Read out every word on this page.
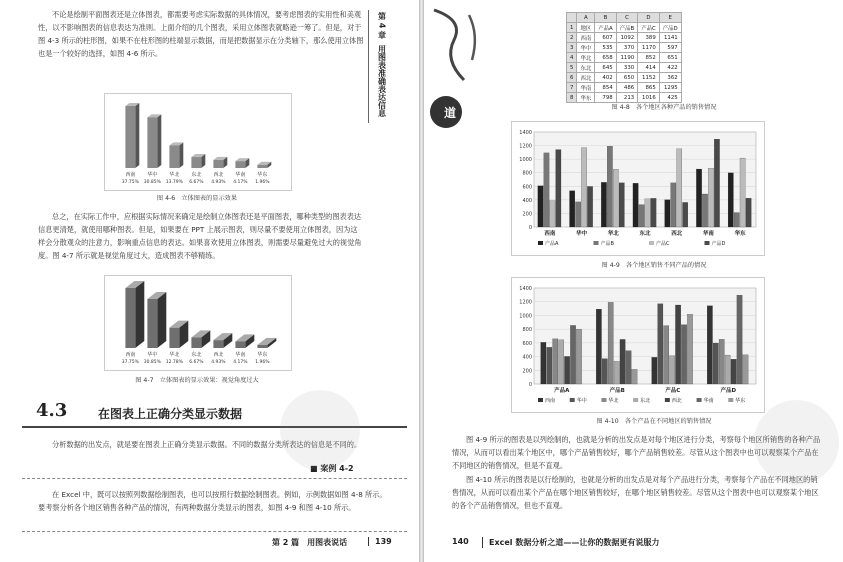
不论是绘制平面图表还是立体图表，都需要考虑实际数据的具体情况，要考虑图表的实用性和美观性，以不影响图表的信息表达为准则。上面介绍的几个图表，采用立体图表就略逊一筹了。但是，对于图 4-3 所示的柱形图，如果不在柱形图的柱端显示数据，而是把数据显示在分类轴下，那么使用立体图也是一个较好的选择，如图 4-6 所示。

西南
37.75%
华中
30.85%
华北
13.79%
东北
6.67%
西北
4.93%
华南
4.17%
华东
1.96%
图 4-6　立体图表的显示效果

总之，在实际工作中，应根据实际情况来确定是绘制立体图表还是平面图表，哪种类型的图表表达信息更清楚，就使用哪种图表。但是，如果要在 PPT 上展示图表，则尽量不要使用立体图表，因为这样会分散观众的注意力，影响重点信息的表达。如果喜欢使用立体图表，则需要尽量避免过大的视觉角度。图 4-7 所示就是视觉角度过大，造成图表不够精练。

西南
37.75%
华中
30.85%
华北
12.78%
东北
6.67%
西北
4.93%
华南
4.17%
华东
1.96%
图 4-7　立体图表的显示效果：视觉角度过大
4.3	在图表上正确分类显示数据

分析数据的出发点，就是要在图表上正确分类显示数据。不同的数据分类所表达的信息是不同的。

■ 案例 4-2

在 Excel 中，既可以按照列数据绘制图表，也可以按照行数据绘制图表。例如，示例数据如图 4-8 所示。要考察分析各个地区销售各种产品的情况，有两种数据分类显示的图表，如图 4-9 和图 4-10 所示。

第 4 章
用图表准确表达信息
第 2 篇　用图表说话	139
道	图 4-8　各个地区各种产品的销售情况
0
200
400
600
800
1000
1200
1400
西南	华中	华北	东北	西北	华南	华东
产品A	产品B	产品C	产品D
图 4-9　各个地区销售不同产品的情况
0
200
400
600
800
1000
1200
1400
产品A	产品B	产品C	产品D
西南	华中	华北	东北	西北	华南	华东
图 4-10　各个产品在不同地区的销售情况

图 4-9 所示的图表是以列绘制的，也就是分析的出发点是对每个地区进行分类，考察每个地区所销售的各种产品情况，从而可以看出某个地区中，哪个产品销售较好，哪个产品销售较差。尽管从这个图表中也可以观察某个产品在不同地区的销售情况，但是不直观。

图 4-10 所示的图表是以行绘制的，也就是分析的出发点是对每个产品进行分类，考察每个产品在不同地区的销售情况，从而可以看出某个产品在哪个地区销售较好，在哪个地区销售较差。尽管从这个图表中也可以观察某个地区的各个产品销售情况，但也不直观。

140	Excel 数据分析之道——让你的数据更有说服力
	A	B	C	D	E
1	地区	产品A	产品B	产品C	产品D
2	西南	607	1092	389	1141
3	华中	535	370	1170	597
4	华北	658	1190	852	651
5	东北	645	330	414	422
6	西北	402	650	1152	362
7	华南	854	486	865	1295
8	华东	798	213	1016	425
